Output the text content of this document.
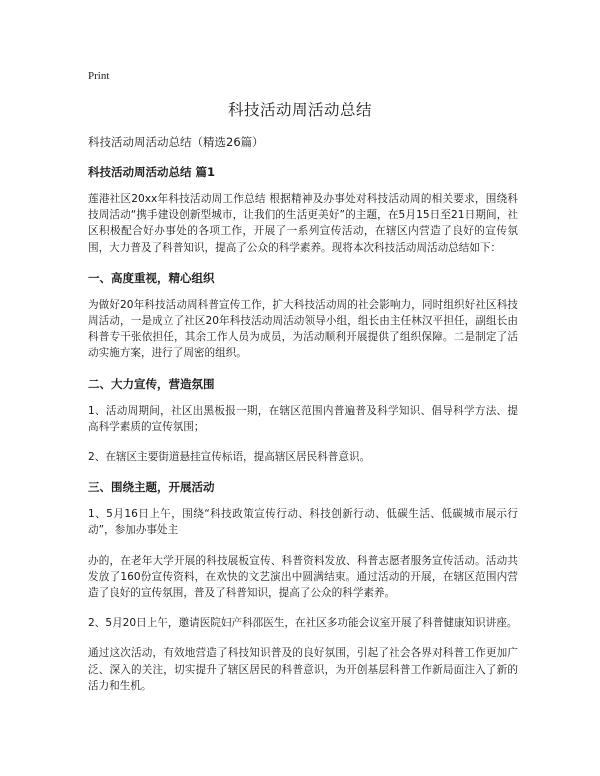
Print
科技活动周活动总结

科技活动周活动总结（精选26篇）

科技活动周活动总结 篇1

莲港社区20xx年科技活动周工作总结 根据精神及办事处对科技活动周的相关要求，围绕科技周活动“携手建设创新型城市，让我们的生活更美好”的主题，在5月15日至21日期间，社区积极配合好办事处的各项工作，开展了一系列宣传活动，在辖区内营造了良好的宣传氛围，大力普及了科普知识，提高了公众的科学素养。现将本次科技活动周活动总结如下：

一、高度重视，精心组织

为做好20年科技活动周科普宣传工作，扩大科技活动周的社会影响力，同时组织好社区科技周活动，一是成立了社区20年科技活动周活动领导小组，组长由主任林汉平担任，副组长由科普专干张依担任，其余工作人员为成员，为活动顺利开展提供了组织保障。二是制定了活动实施方案，进行了周密的组织。

二、大力宣传，营造氛围

1、活动周期间，社区出黑板报一期，在辖区范围内普遍普及科学知识、倡导科学方法、提高科学素质的宣传氛围；

2、在辖区主要街道悬挂宣传标语，提高辖区居民科普意识。

三、围绕主题，开展活动

1、5月16日上午，围绕“科技政策宣传行动、科技创新行动、低碳生活、低碳城市展示行动”，参加办事处主

办的，在老年大学开展的科技展板宣传、科普资料发放、科普志愿者服务宣传活动。活动共发放了160份宣传资料，在欢快的文艺演出中圆满结束。通过活动的开展，在辖区范围内营造了良好的宣传氛围，普及了科普知识，提高了公众的科学素养。

2、5月20日上午，邀请医院妇产科邵医生，在社区多功能会议室开展了科普健康知识讲座。

通过这次活动，有效地营造了科技知识普及的良好氛围，引起了社会各界对科普工作更加广泛、深入的关注，切实提升了辖区居民的科普意识，为开创基层科普工作新局面注入了新的活力和生机。
